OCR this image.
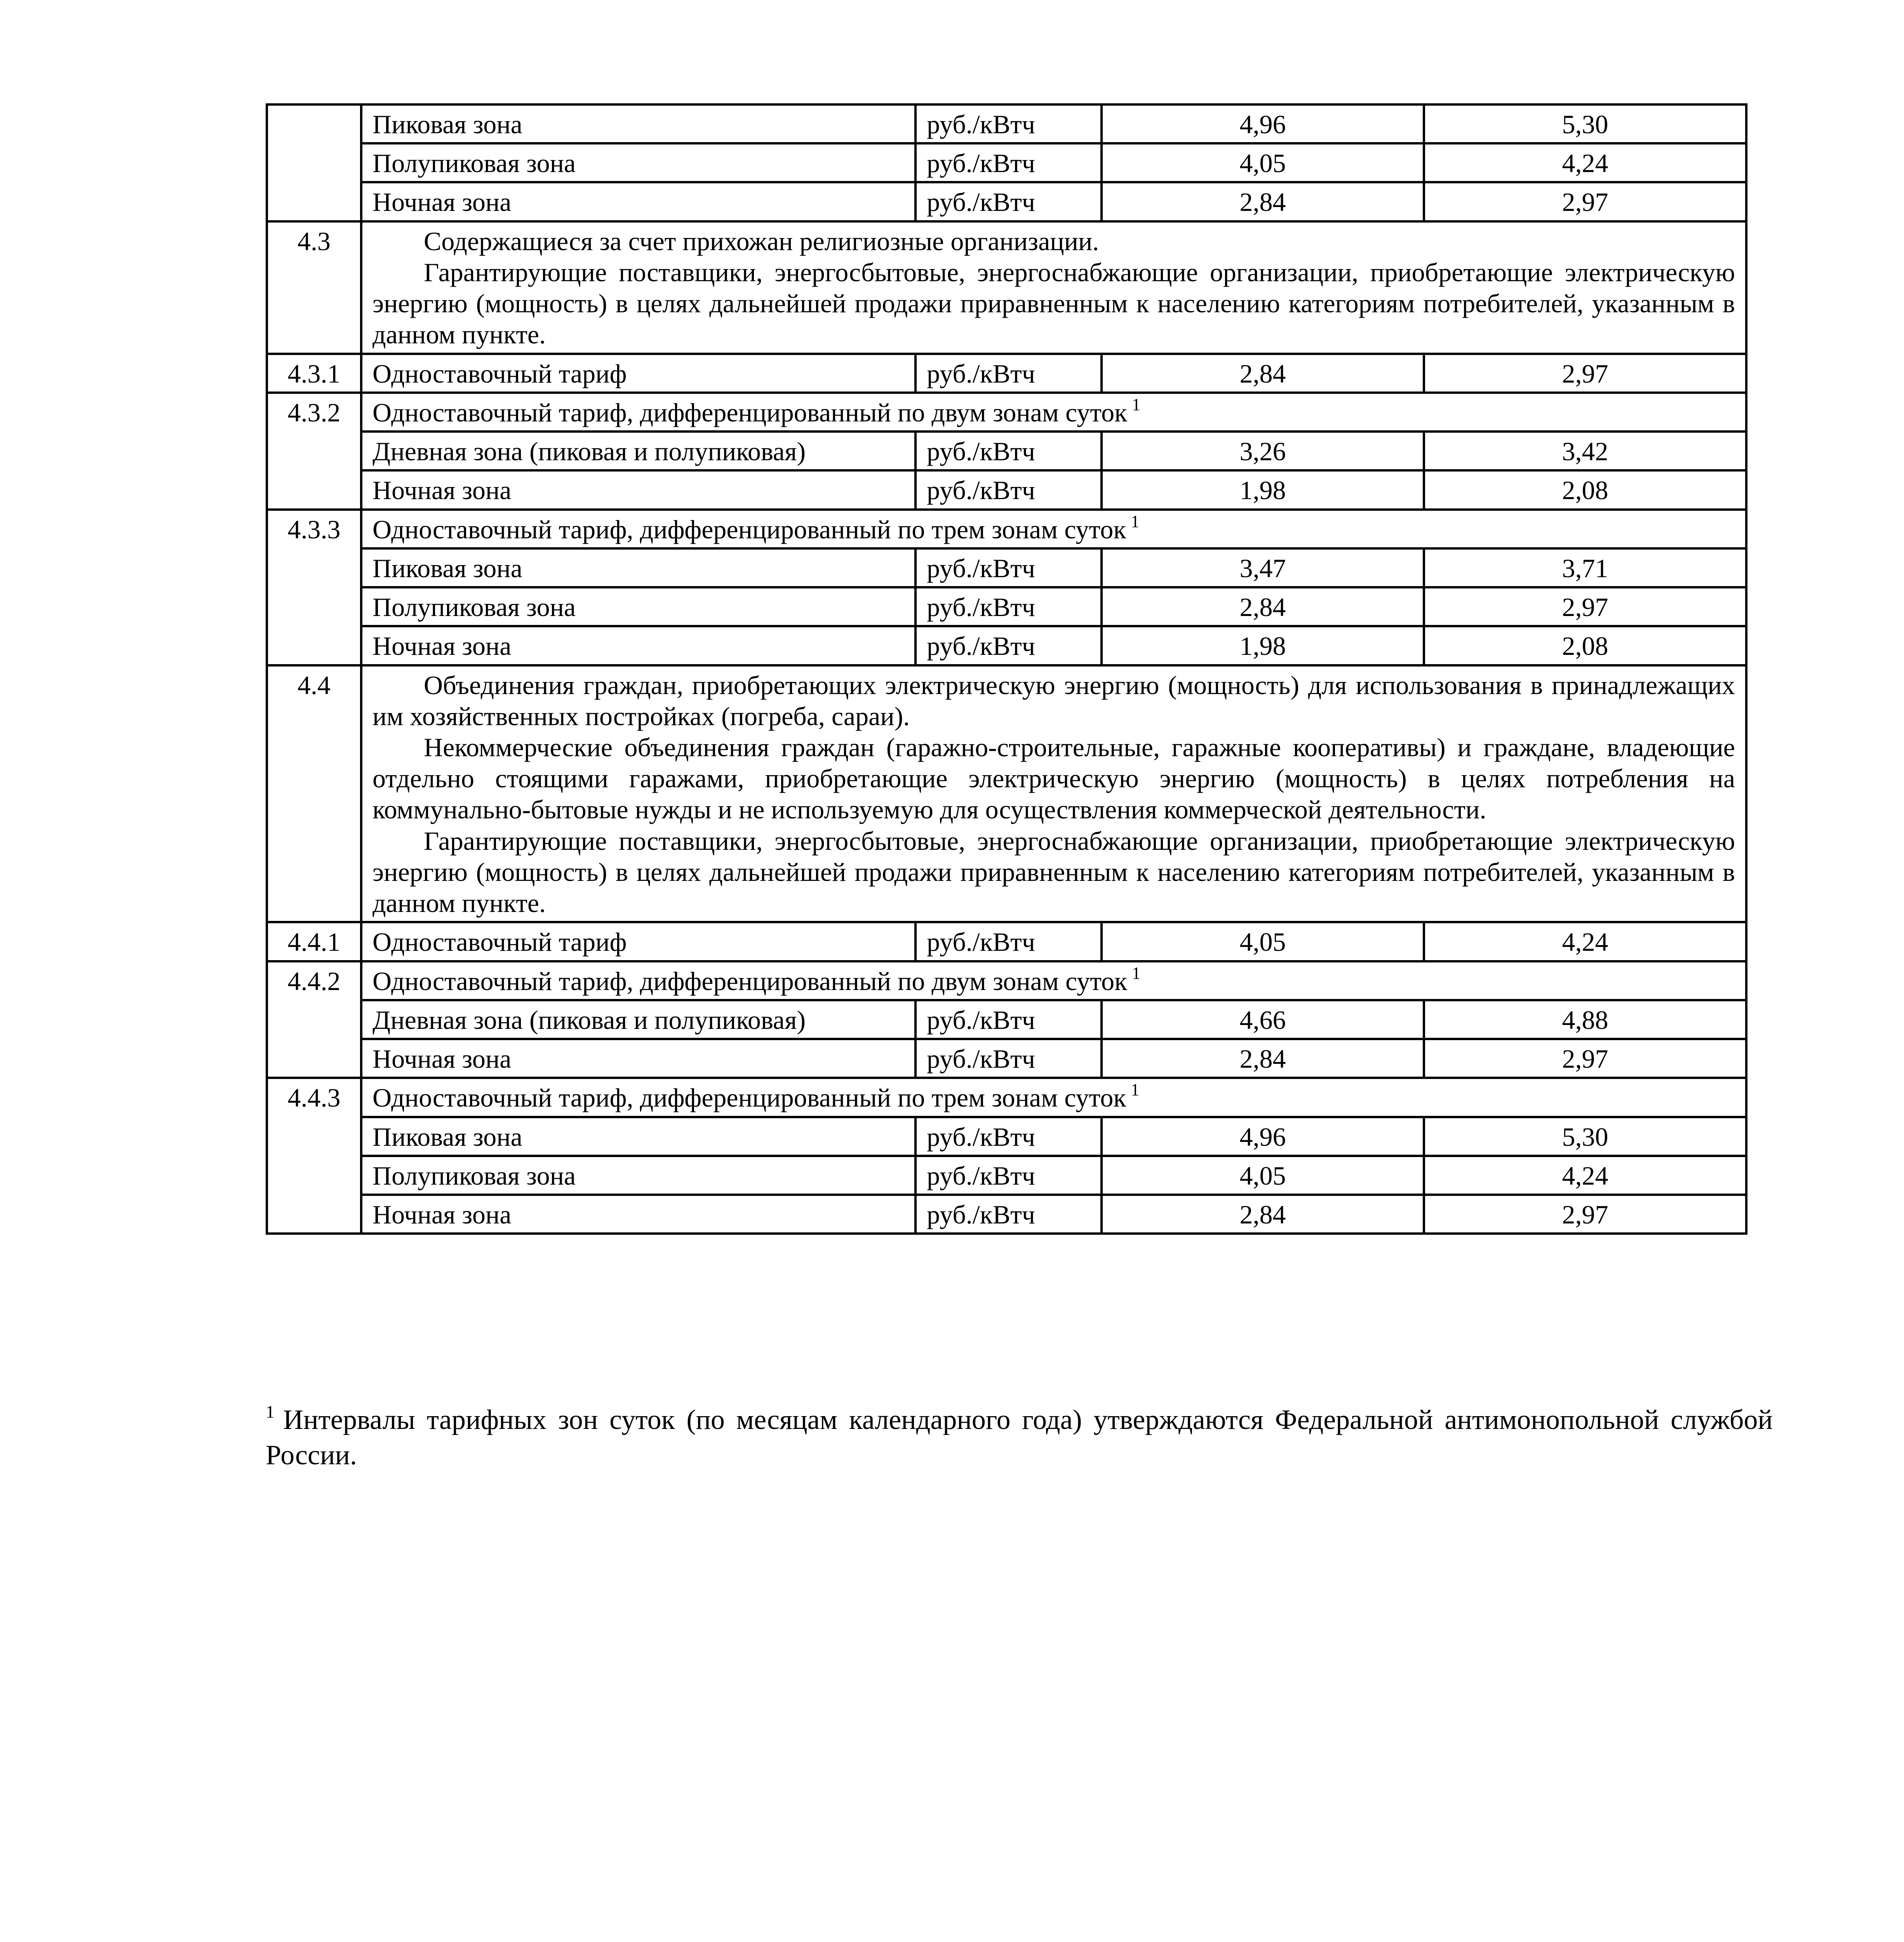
	Пиковая зона	руб./кВтч	4,96	5,30
	Полупиковая зона	руб./кВтч	4,05	4,24
	Ночная зона	руб./кВтч	2,84	2,97
4.3	Содержащиеся за счет прихожан религиозные организации.

Гарантирующие поставщики, энергосбытовые, энергоснабжающие организации, приобретающие электрическую энергию (мощность) в целях дальнейшей продажи приравненным к населению категориям потребителей, указанным в данном пункте.			

4.3.1	Одноставочный тариф	руб./кВтч	2,84	2,97
4.3.2	Одноставочный тариф, дифференцированный по двум зонам суток $^1$
	Дневная зона (пиковая и полупиковая)	руб./кВтч	3,26	3,42
	Ночная зона	руб./кВтч	1,98	2,08
4.3.3	Одноставочный тариф, дифференцированный по трем зонам суток $^1$
	Пиковая зона	руб./кВтч	3,47	3,71
	Полупиковая зона	руб./кВтч	2,84	2,97
	Ночная зона	руб./кВтч	1,98	2,08
4.4	Объединения граждан, приобретающих электрическую энергию (мощность) для использования в принадлежащих им хозяйственных постройках (погреба, сараи).

Некоммерческие объединения граждан (гаражно-строительные, гаражные кооперативы) и граждане, владеющие отдельно стоящими гаражами, приобретающие электрическую энергию (мощность) в целях потребления на коммунально-бытовые нужды и не используемую для осуществления коммерческой деятельности.

Гарантирующие поставщики, энергосбытовые, энергоснабжающие организации, приобретающие электрическую энергию (мощность) в целях дальнейшей продажи приравненным к населению категориям потребителей, указанным в данном пункте.			

4.4.1	Одноставочный тариф	руб./кВтч	4,05	4,24
4.4.2	Одноставочный тариф, дифференцированный по двум зонам суток $^1$
	Дневная зона (пиковая и полупиковая)	руб./кВтч	4,66	4,88
	Ночная зона	руб./кВтч	2,84	2,97
4.4.3	Одноставочный тариф, дифференцированный по трем зонам суток $^1$
	Пиковая зона	руб./кВтч	4,96	5,30
	Полупиковая зона	руб./кВтч	4,05	4,24
	Ночная зона	руб./кВтч	2,84	2,97
$^1$ Интервалы тарифных зон суток (по месяцам календарного года) утверждаются Федеральной антимонопольной службой России.
